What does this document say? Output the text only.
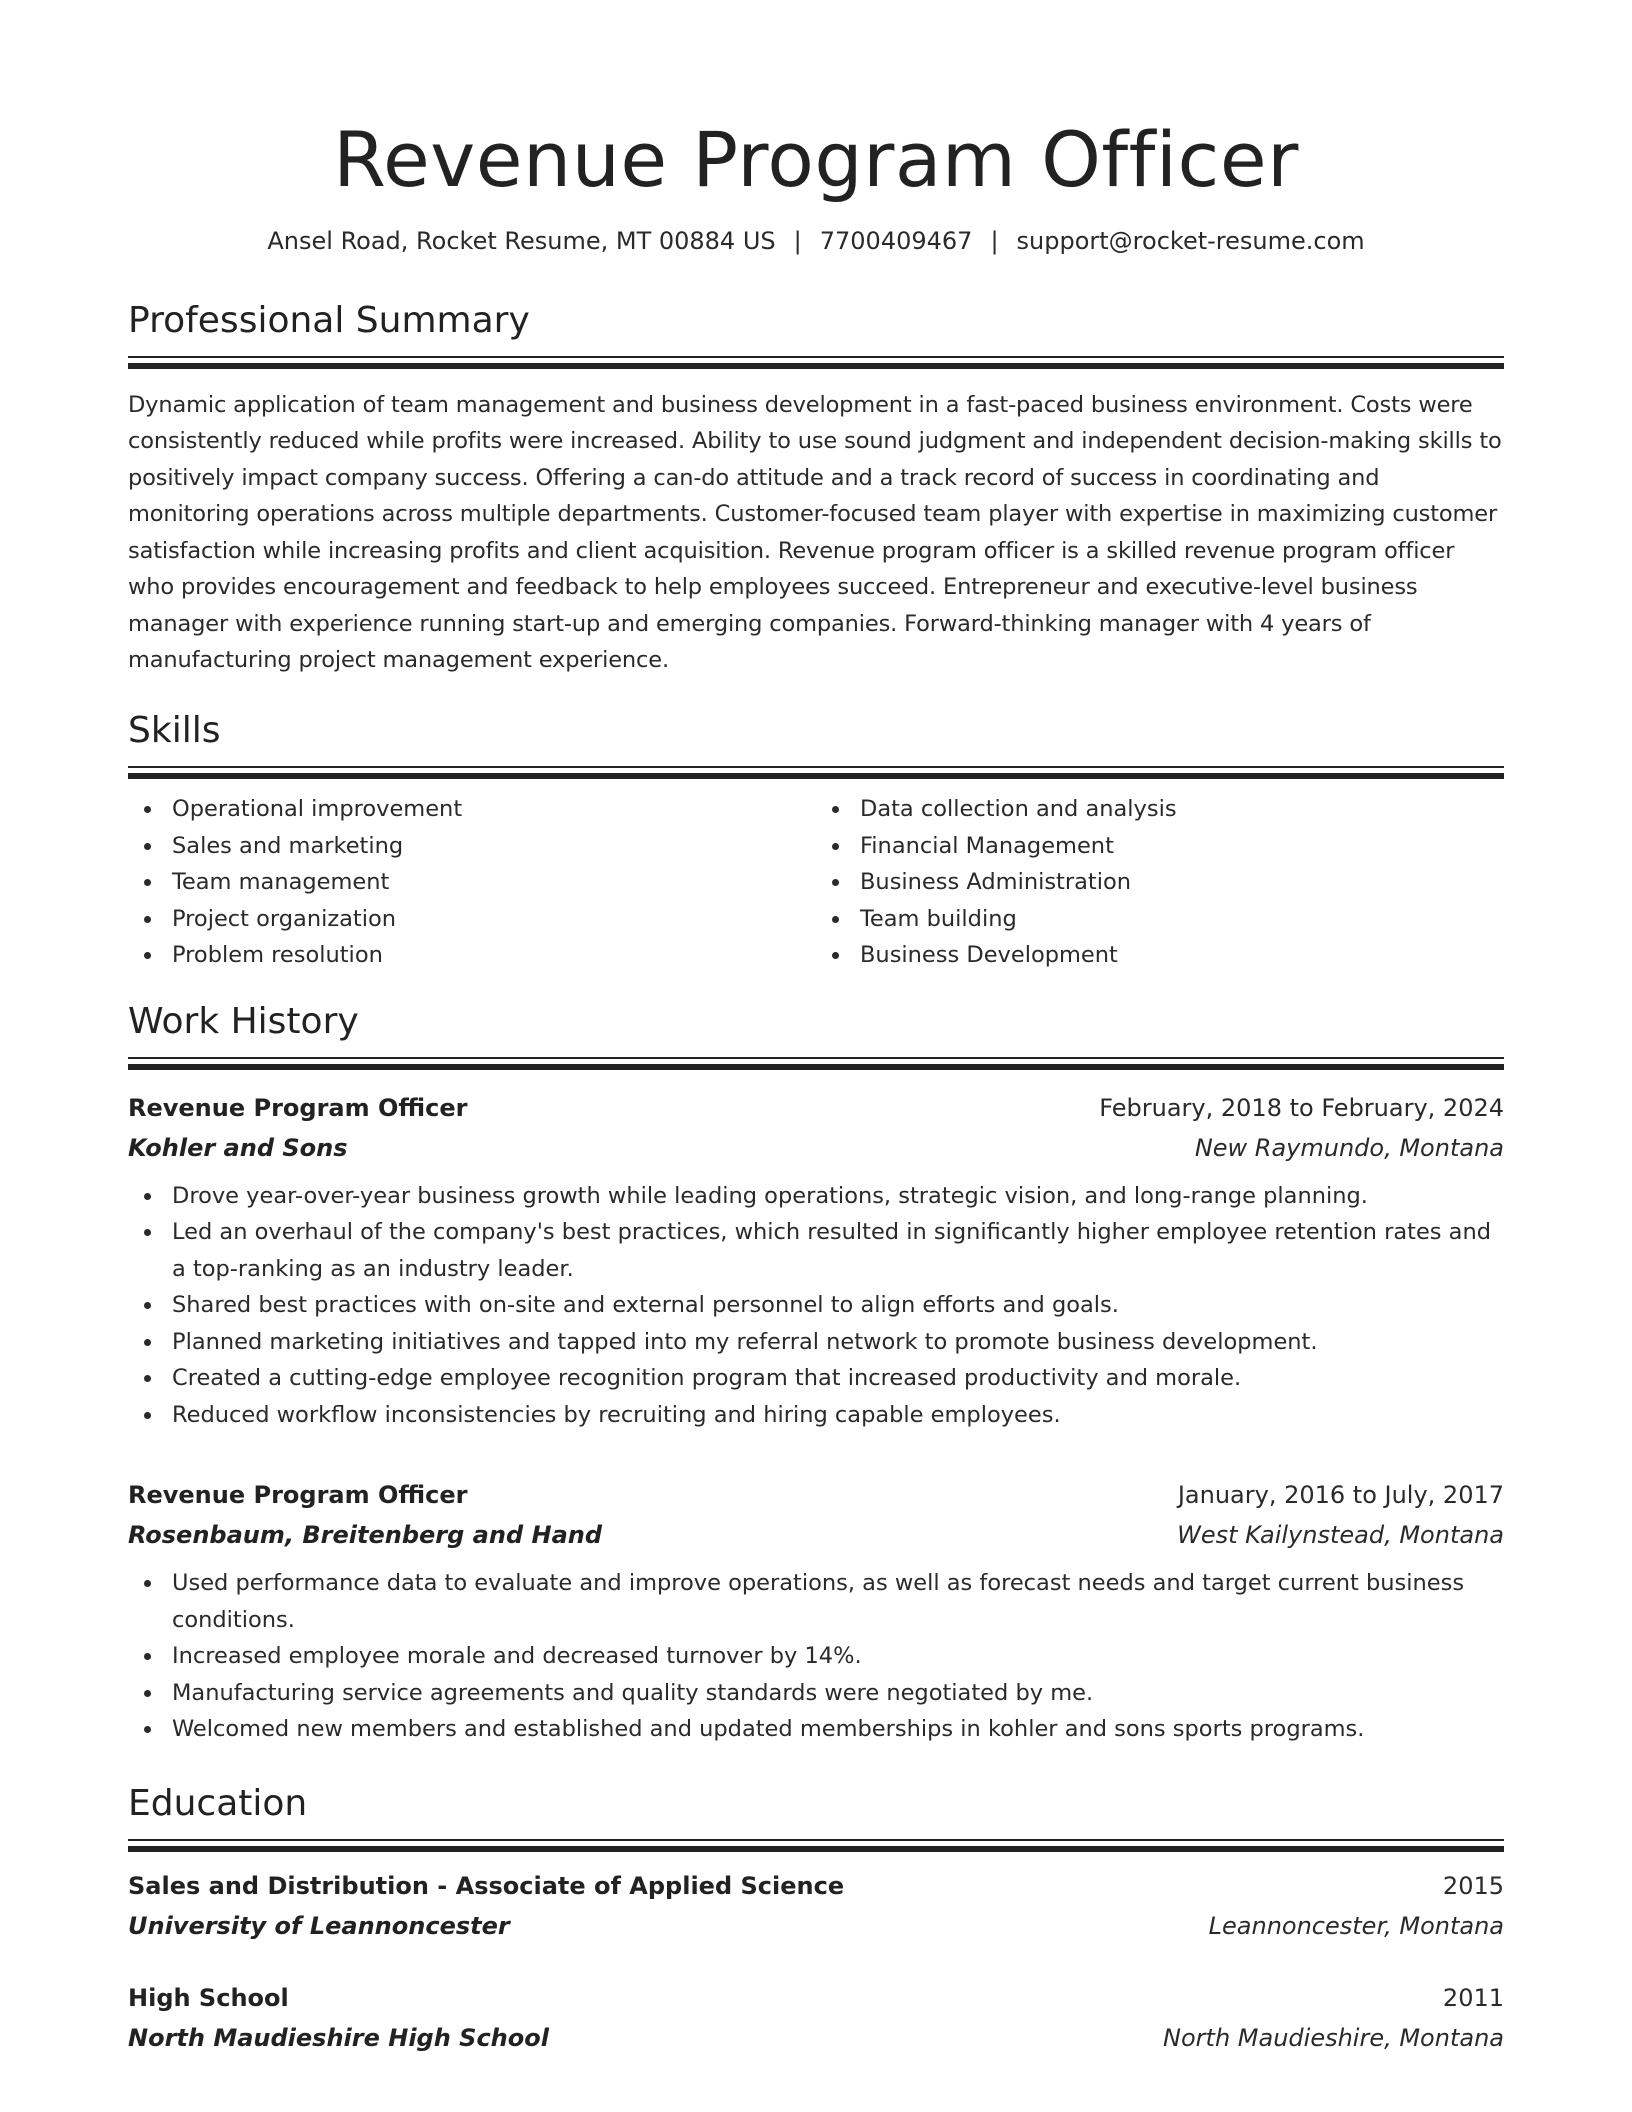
Revenue Program Officer
Ansel Road, Rocket Resume, MT 00884 US | 7700409467 | support@rocket-resume.com
Professional Summary

Dynamic application of team management and business development in a fast-paced business environment. Costs were consistently reduced while profits were increased. Ability to use sound judgment and independent decision-making skills to positively impact company success. Offering a can-do attitude and a track record of success in coordinating and monitoring operations across multiple departments. Customer-focused team player with expertise in maximizing customer satisfaction while increasing profits and client acquisition. Revenue program officer is a skilled revenue program officer who provides encouragement and feedback to help employees succeed. Entrepreneur and executive-level business manager with experience running start-up and emerging companies. Forward-thinking manager with 4 years of manufacturing project management experience.

Skills
Operational improvement
Sales and marketing
Team management
Project organization
Problem resolution
Data collection and analysis
Financial Management
Business Administration
Team building
Business Development
Work History
Revenue Program Officer	February, 2018 to February, 2024
Kohler and Sons	New Raymundo, Montana
Drove year-over-year business growth while leading operations, strategic vision, and long-range planning.
Led an overhaul of the company's best practices, which resulted in significantly higher employee retention rates and a top-ranking as an industry leader.
Shared best practices with on-site and external personnel to align efforts and goals.
Planned marketing initiatives and tapped into my referral network to promote business development.
Created a cutting-edge employee recognition program that increased productivity and morale.
Reduced workflow inconsistencies by recruiting and hiring capable employees.
Revenue Program Officer	January, 2016 to July, 2017
Rosenbaum, Breitenberg and Hand	West Kailynstead, Montana
Used performance data to evaluate and improve operations, as well as forecast needs and target current business conditions.
Increased employee morale and decreased turnover by 14%.
Manufacturing service agreements and quality standards were negotiated by me.
Welcomed new members and established and updated memberships in kohler and sons sports programs.
Education
Sales and Distribution - Associate of Applied Science	2015
University of Leannoncester	Leannoncester, Montana
High School	2011
North Maudieshire High School	North Maudieshire, Montana
